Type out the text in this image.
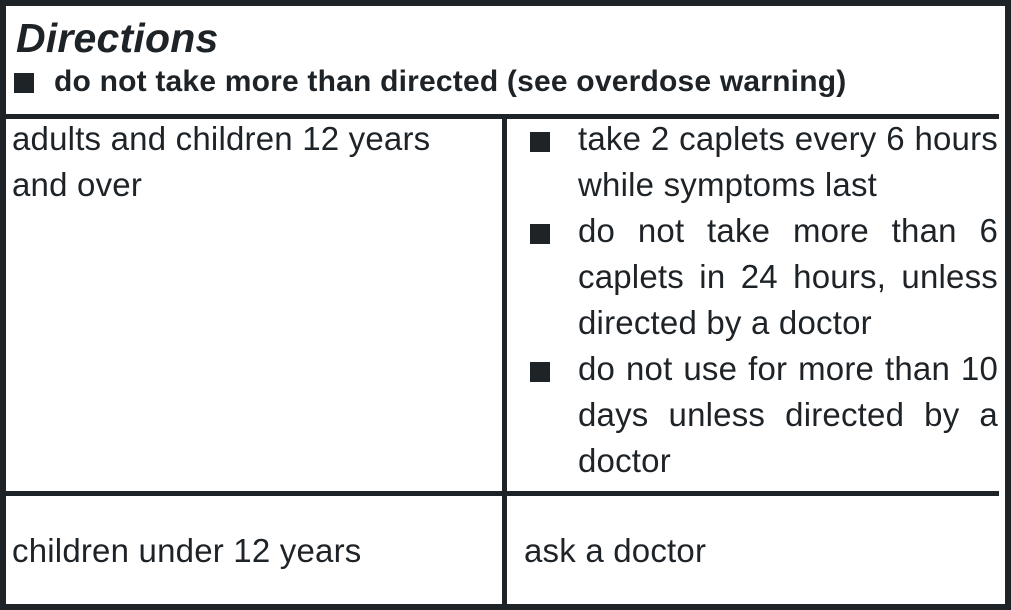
Directions
do not take more than directed (see overdose warning)
adults and children 12 years and over
take 2 caplets every 6 hours while symptoms last
do not take more than 6 caplets in 24 hours, unless directed by a doctor
do not use for more than 10 days unless directed by a doctor
children under 12 years	ask a doctor
